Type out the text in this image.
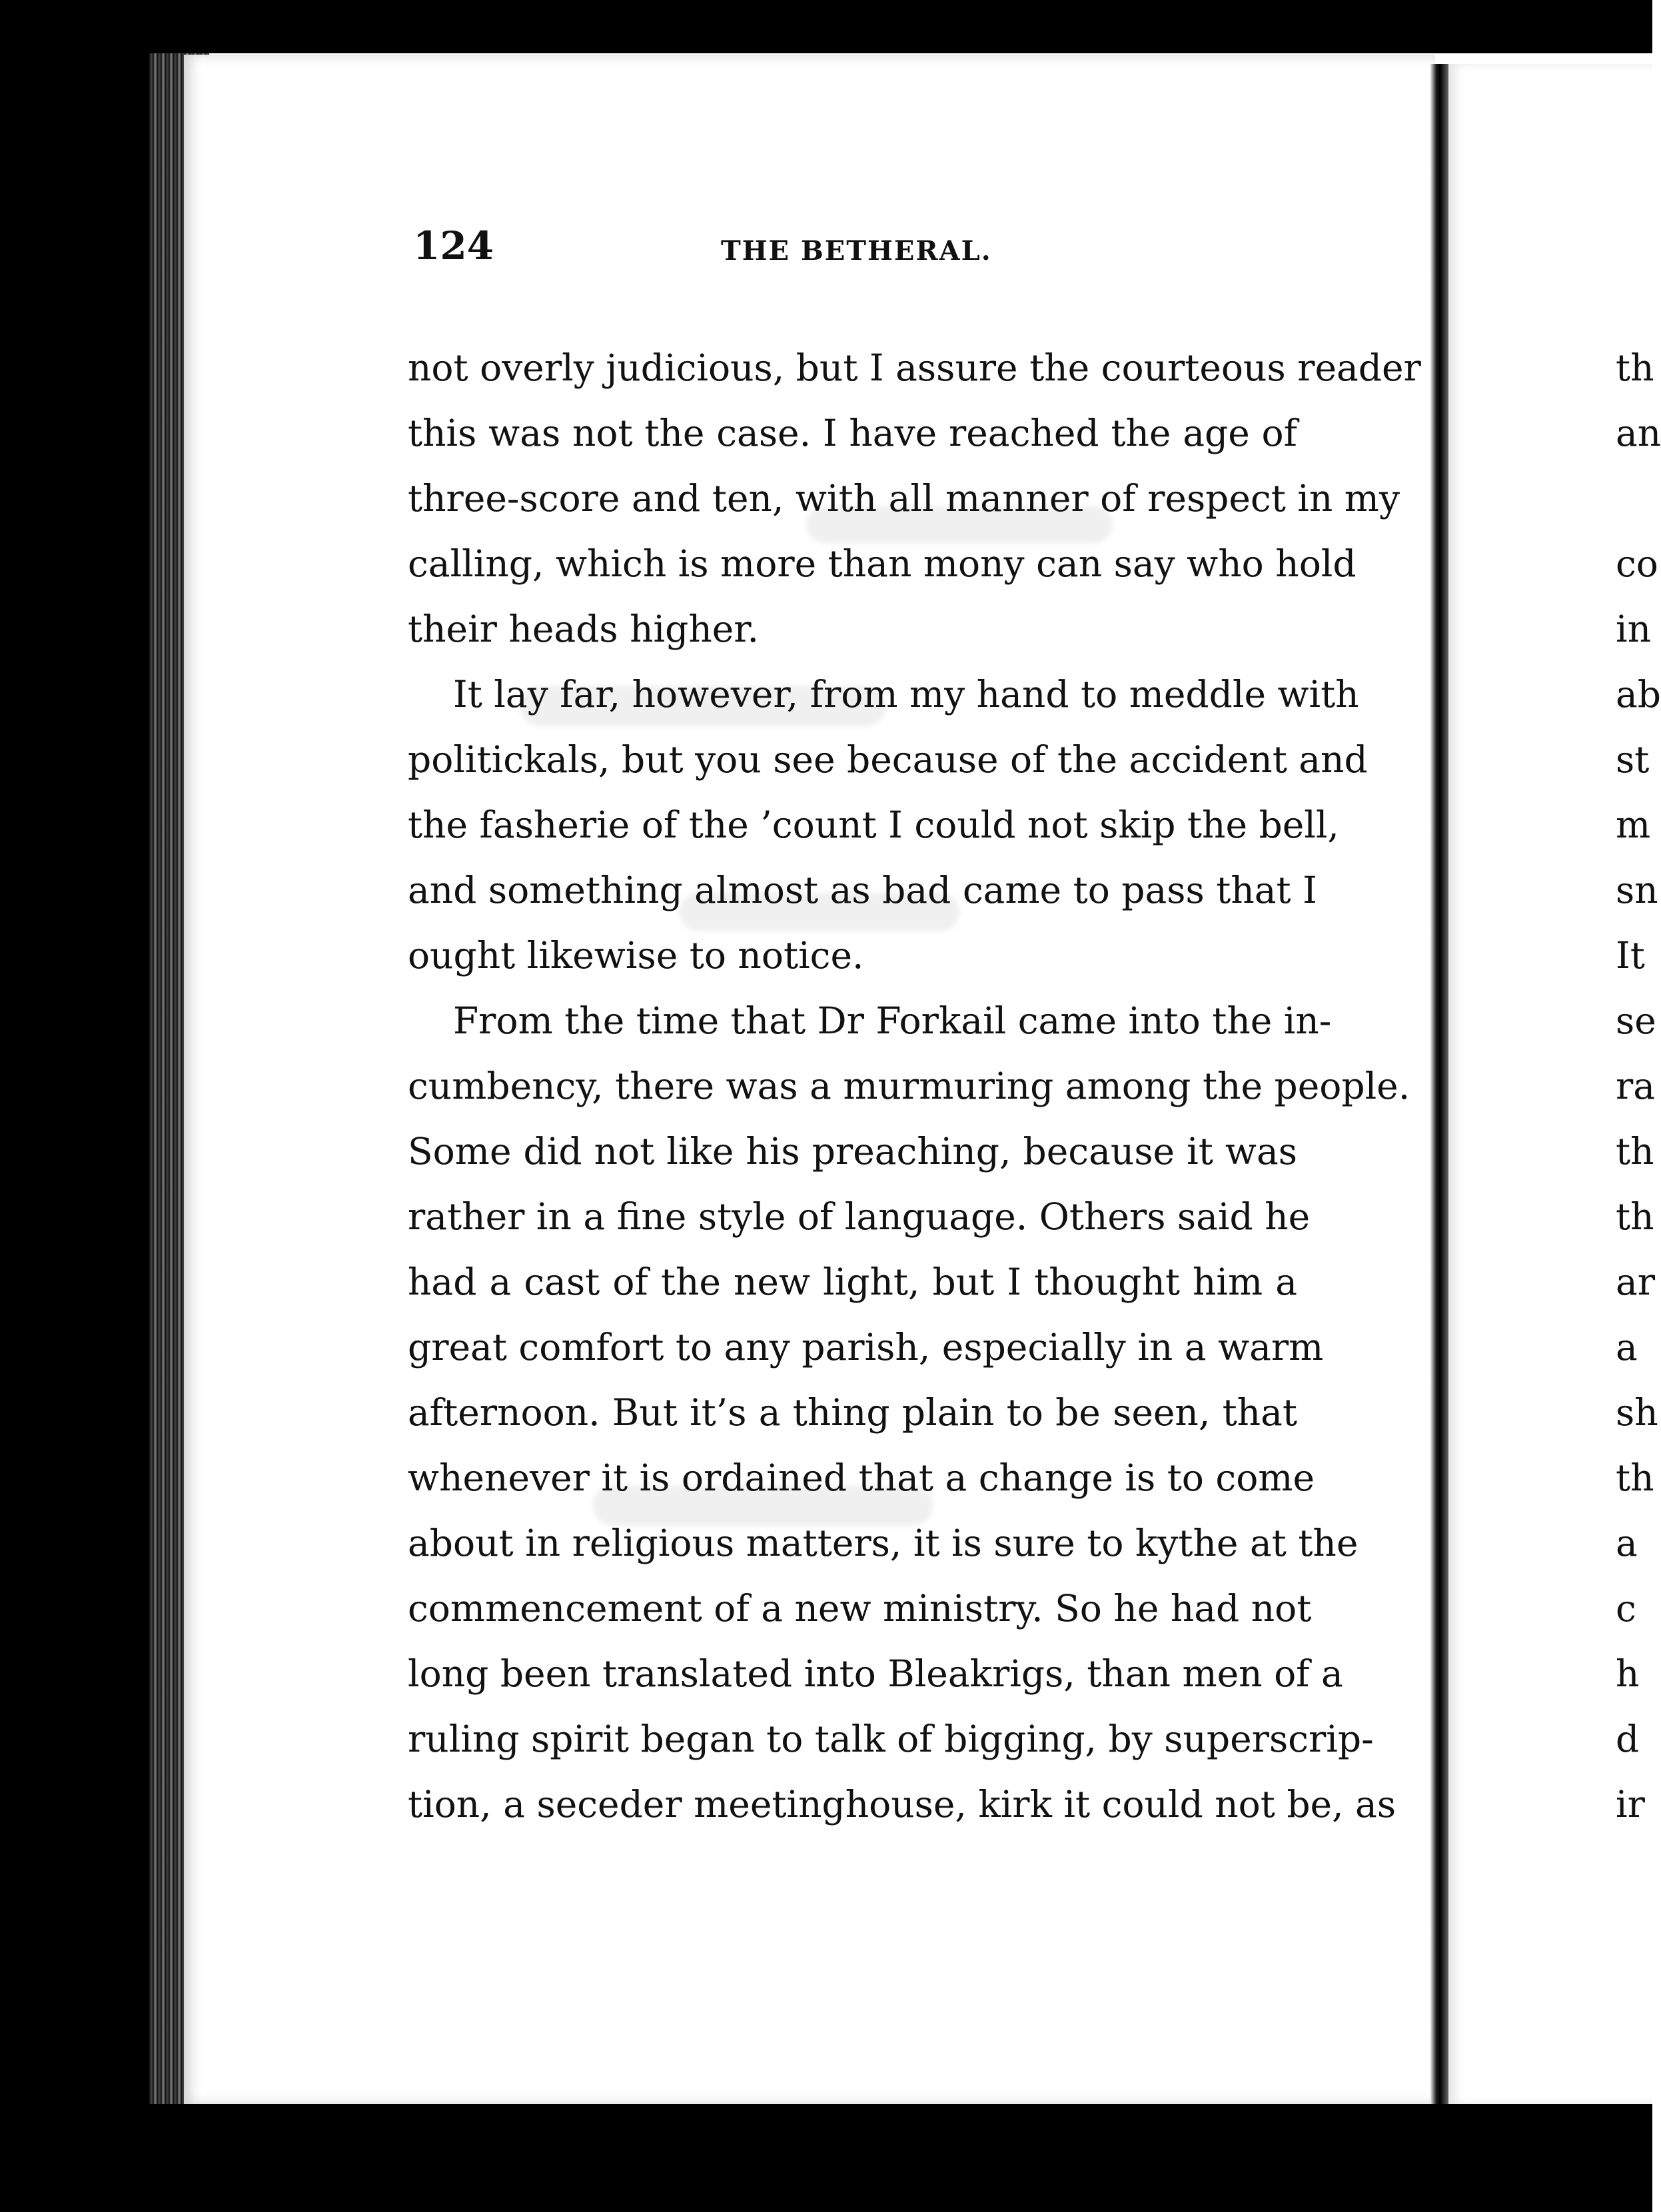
124	THE BETHERAL.
not overly judicious, but I assure the courteous reader
this was not the case. I have reached the age of
three-score and ten, with all manner of respect in my
calling, which is more than mony can say who hold
their heads higher.
It lay far, however, from my hand to meddle with
politickals, but you see because of the accident and
the fasherie of the ’count I could not skip the bell,
and something almost as bad came to pass that I
ought likewise to notice.
From the time that Dr Forkail came into the in-
cumbency, there was a murmuring among the people.
Some did not like his preaching, because it was
rather in a fine style of language. Others said he
had a cast of the new light, but I thought him a
great comfort to any parish, especially in a warm
afternoon. But it’s a thing plain to be seen, that
whenever it is ordained that a change is to come
about in religious matters, it is sure to kythe at the
commencement of a new ministry. So he had not
long been translated into Bleakrigs, than men of a
ruling spirit began to talk of bigging, by superscrip-
tion, a seceder meetinghouse, kirk it could not be, as
th
an
co
in
ab
st
m
sn
It
se
ra
th
th
ar
a
sh
th
a
c
h
d
ir
